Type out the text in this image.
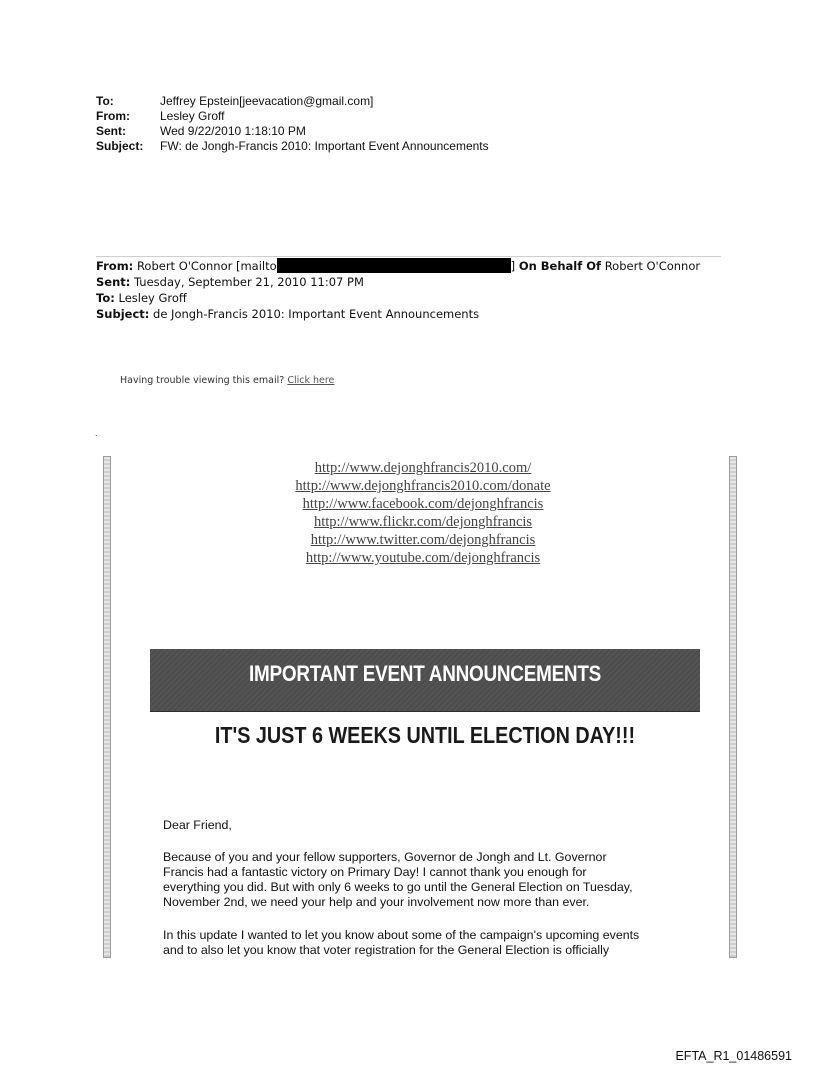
To:	Jeffrey Epstein[jeevacation@gmail.com]
From:	Lesley Groff
Sent:	Wed 9/22/2010 1:18:10 PM
Subject: FW: de Jongh-Francis 2010: Important Event Announcements
From: Robert O'Connor [mailto	] On Behalf Of Robert O'Connor
Sent: Tuesday, September 21, 2010 11:07 PM
To: Lesley Groff
Subject: de Jongh-Francis 2010: Important Event Announcements
Having trouble viewing this email? Click here
.
http://www.dejonghfrancis2010.com/
http://www.dejonghfrancis2010.com/donate
http://www.facebook.com/dejonghfrancis
http://www.flickr.com/dejonghfrancis
http://www.twitter.com/dejonghfrancis
http://www.youtube.com/dejonghfrancis
IMPORTANT EVENT ANNOUNCEMENTS
IT'S JUST 6 WEEKS UNTIL ELECTION DAY!!!
Dear Friend,
Because of you and your fellow supporters, Governor de Jongh and Lt. Governor
Francis had a fantastic victory on Primary Day! I cannot thank you enough for
everything you did. But with only 6 weeks to go until the General Election on Tuesday,
November 2nd, we need your help and your involvement now more than ever.
In this update I wanted to let you know about some of the campaign's upcoming events
and to also let you know that voter registration for the General Election is officially
EFTA_R1_01486591
